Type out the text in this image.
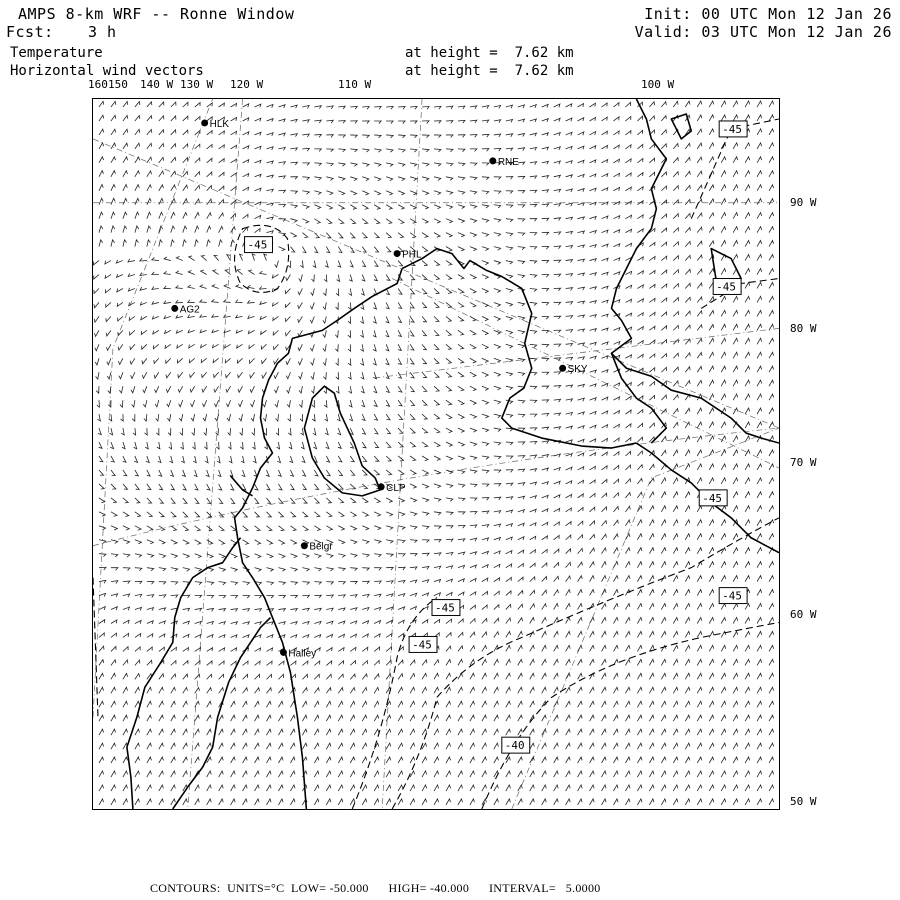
AMPS 8-km WRF -- Ronne Window
Fcst: 3 h
Init: 00 UTC Mon 12 Jan 26
Valid: 03 UTC Mon 12 Jan 26
Temperature	at height =  7.62 km
Horizontal wind vectors	at height =  7.62 km
160 150 140 W 130 W 120 W	110 W	100 W
90 W
80 W
70 W
60 W
50 W
HLK
RNE
PHL
AG2
SKY
CLP
Belgr
Halley
-45
-45
-45
-45
-45
-45
-45
-40
CONTOURS:  UNITS=°C  LOW= -50.000      HIGH= -40.000      INTERVAL=   5.0000
